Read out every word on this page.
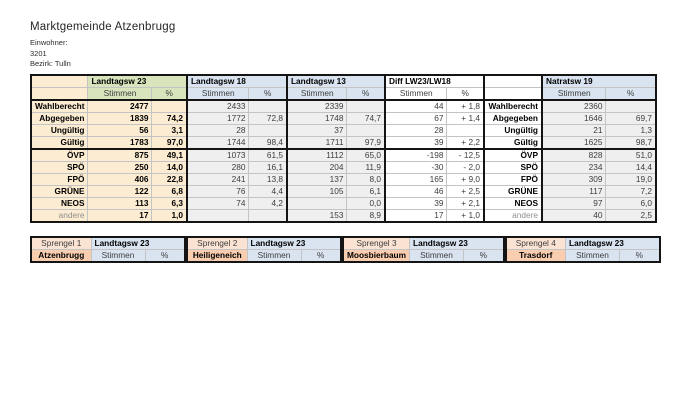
Marktgemeinde Atzenbrugg
Einwohner:
3201
Bezirk: Tulln
	Landtagsw 23		Landtagsw 18		Landtagsw 13		Diff LW23/LW18			Natratsw 19	
	Stimmen	%	Stimmen	%	Stimmen	%	Stimmen	%		Stimmen	%
Wahlberecht	2477		2433		2339		44	+ 1,8	Wahlberecht	2360	
Abgegeben	1839	74,2	1772	72,8	1748	74,7	67	+ 1,4	Abgegeben	1646	69,7
Ungültig	56	3,1	28		37		28		Ungültig	21	1,3
Gültig	1783	97,0	1744	98,4	1711	97,9	39	+ 2,2	Gültig	1625	98,7
ÖVP	875	49,1	1073	61,5	1112	65,0	-198	- 12,5	ÖVP	828	51,0
SPÖ	250	14,0	280	16,1	204	11,9	-30	- 2,0	SPÖ	234	14,4
FPÖ	406	22,8	241	13,8	137	8,0	165	+ 9,0	FPÖ	309	19,0
GRÜNE	122	6,8	76	4,4	105	6,1	46	+ 2,5	GRÜNE	117	7,2
NEOS	113	6,3	74	4,2		0,0	39	+ 2,1	NEOS	97	6,0
andere	17	1,0			153	8,9	17	+ 1,0	andere	40	2,5
Sprengel 1	Landtagsw 23	
Atzenbrugg	Stimmen	%
Sprengel 2	Landtagsw 23	
Heiligeneich	Stimmen	%
Sprengel 3	Landtagsw 23	
Moosbierbaum	Stimmen	%
Sprengel 4	Landtagsw 23	
Trasdorf	Stimmen	%
